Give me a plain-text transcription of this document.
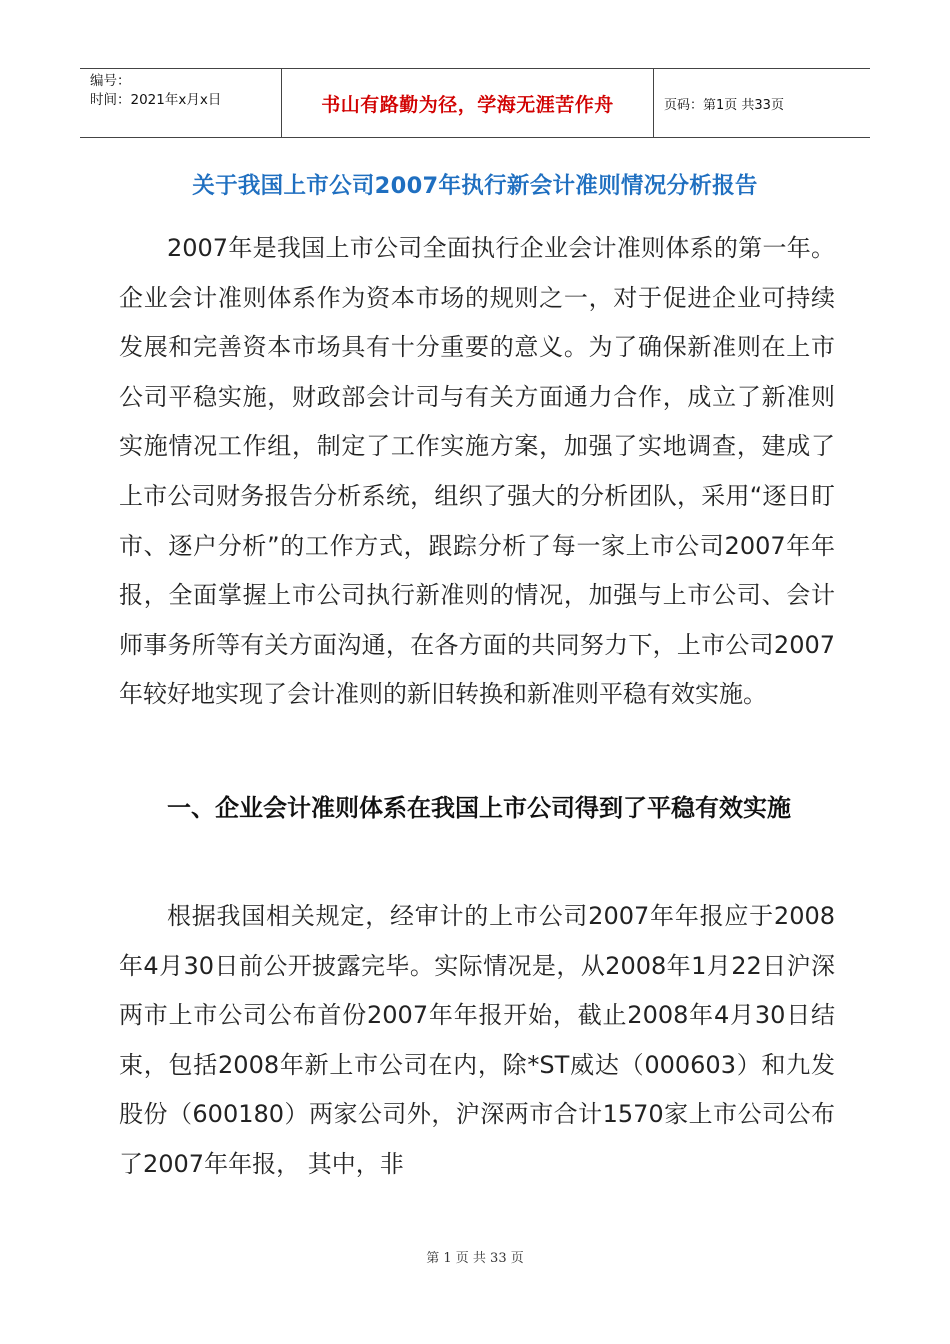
编号：
时间：2021年x月x日	书山有路勤为径，学海无涯苦作舟	页码：第1页 共33页
关于我国上市公司2007年执行新会计准则情况分析报告
2007年是我国上市公司全面执行企业会计准则体系的第一年。企业会计准则体系作为资本市场的规则之一，对于促进企业可持续发展和完善资本市场具有十分重要的意义。为了确保新准则在上市公司平稳实施，财政部会计司与有关方面通力合作，成立了新准则实施情况工作组，制定了工作实施方案，加强了实地调查，建成了上市公司财务报告分析系统，组织了强大的分析团队，采用“逐日盯市、逐户分析”的工作方式，跟踪分析了每一家上市公司2007年年报，全面掌握上市公司执行新准则的情况，加强与上市公司、会计师事务所等有关方面沟通，在各方面的共同努力下，上市公司2007年较好地实现了会计准则的新旧转换和新准则平稳有效实施。
一、企业会计准则体系在我国上市公司得到了平稳有效实施
根据我国相关规定，经审计的上市公司2007年年报应于2008年4月30日前公开披露完毕。实际情况是，从2008年1月22日沪深两市上市公司公布首份2007年年报开始，截止2008年4月30日结束，包括2008年新上市公司在内，除*ST威达（000603）和九发股份（600180）两家公司外，沪深两市合计1570家上市公司公布了2007年年报， 其中，非
第 1 页 共 33 页
